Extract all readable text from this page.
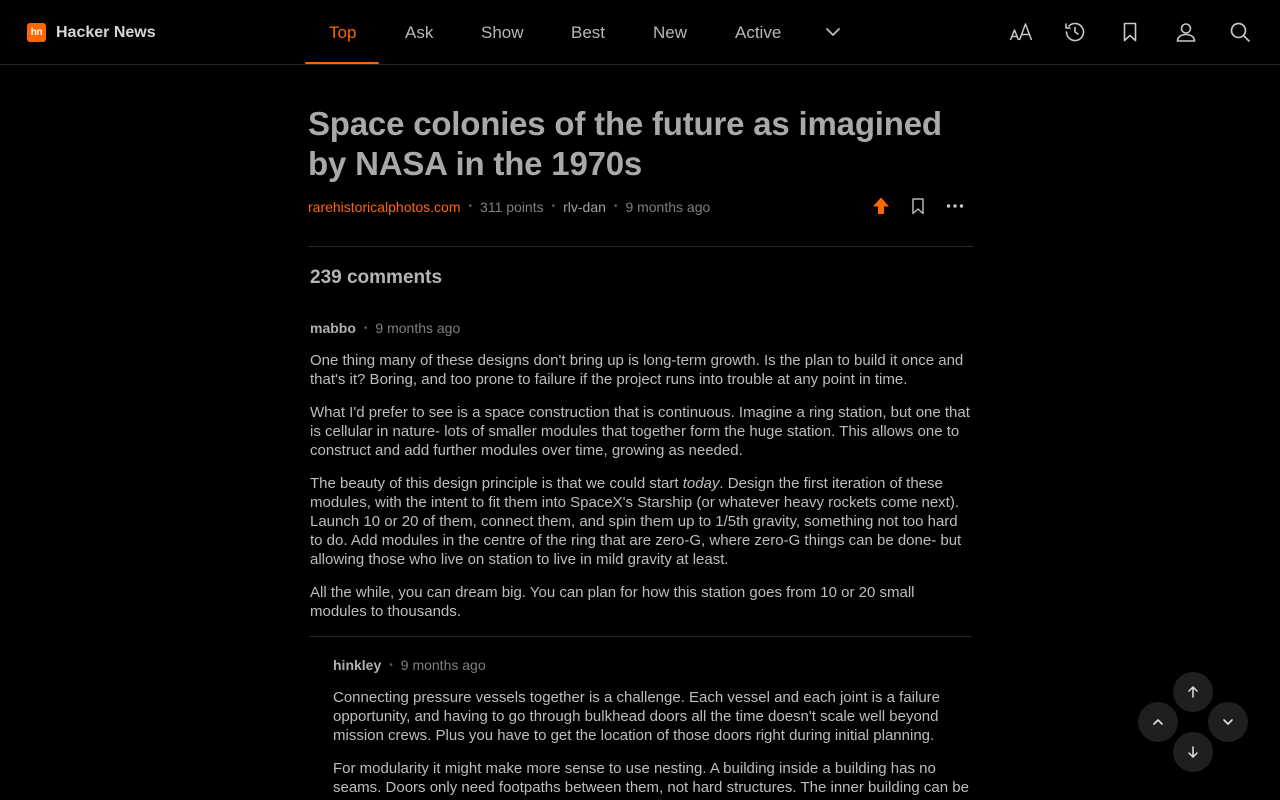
hn Hacker News	Top	Ask	Show	Best	New	Active
Space colonies of the future as imagined by NASA in the 1970s
rarehistoricalphotos.com • 311 points • rlv-dan • 9 months ago
239 comments
mabbo • 9 months ago

One thing many of these designs don't bring up is long-term growth. Is the plan to build it once and that's it? Boring, and too prone to failure if the project runs into trouble at any point in time.

What I'd prefer to see is a space construction that is continuous. Imagine a ring station, but one that is cellular in nature- lots of smaller modules that together form the huge station. This allows one to construct and add further modules over time, growing as needed.

The beauty of this design principle is that we could start today. Design the first iteration of these modules, with the intent to fit them into SpaceX's Starship (or whatever heavy rockets come next). Launch 10 or 20 of them, connect them, and spin them up to 1/5th gravity, something not too hard to do. Add modules in the centre of the ring that are zero-G, where zero-G things can be done- but allowing those who live on station to live in mild gravity at least.

All the while, you can dream big. You can plan for how this station goes from 10 or 20 small modules to thousands.

hinkley • 9 months ago

Connecting pressure vessels together is a challenge. Each vessel and each joint is a failure opportunity, and having to go through bulkhead doors all the time doesn't scale well beyond mission crews. Plus you have to get the location of those doors right during initial planning.

For modularity it might make more sense to use nesting. A building inside a building has no seams. Doors only need footpaths between them, not hard structures. The inner building can be
